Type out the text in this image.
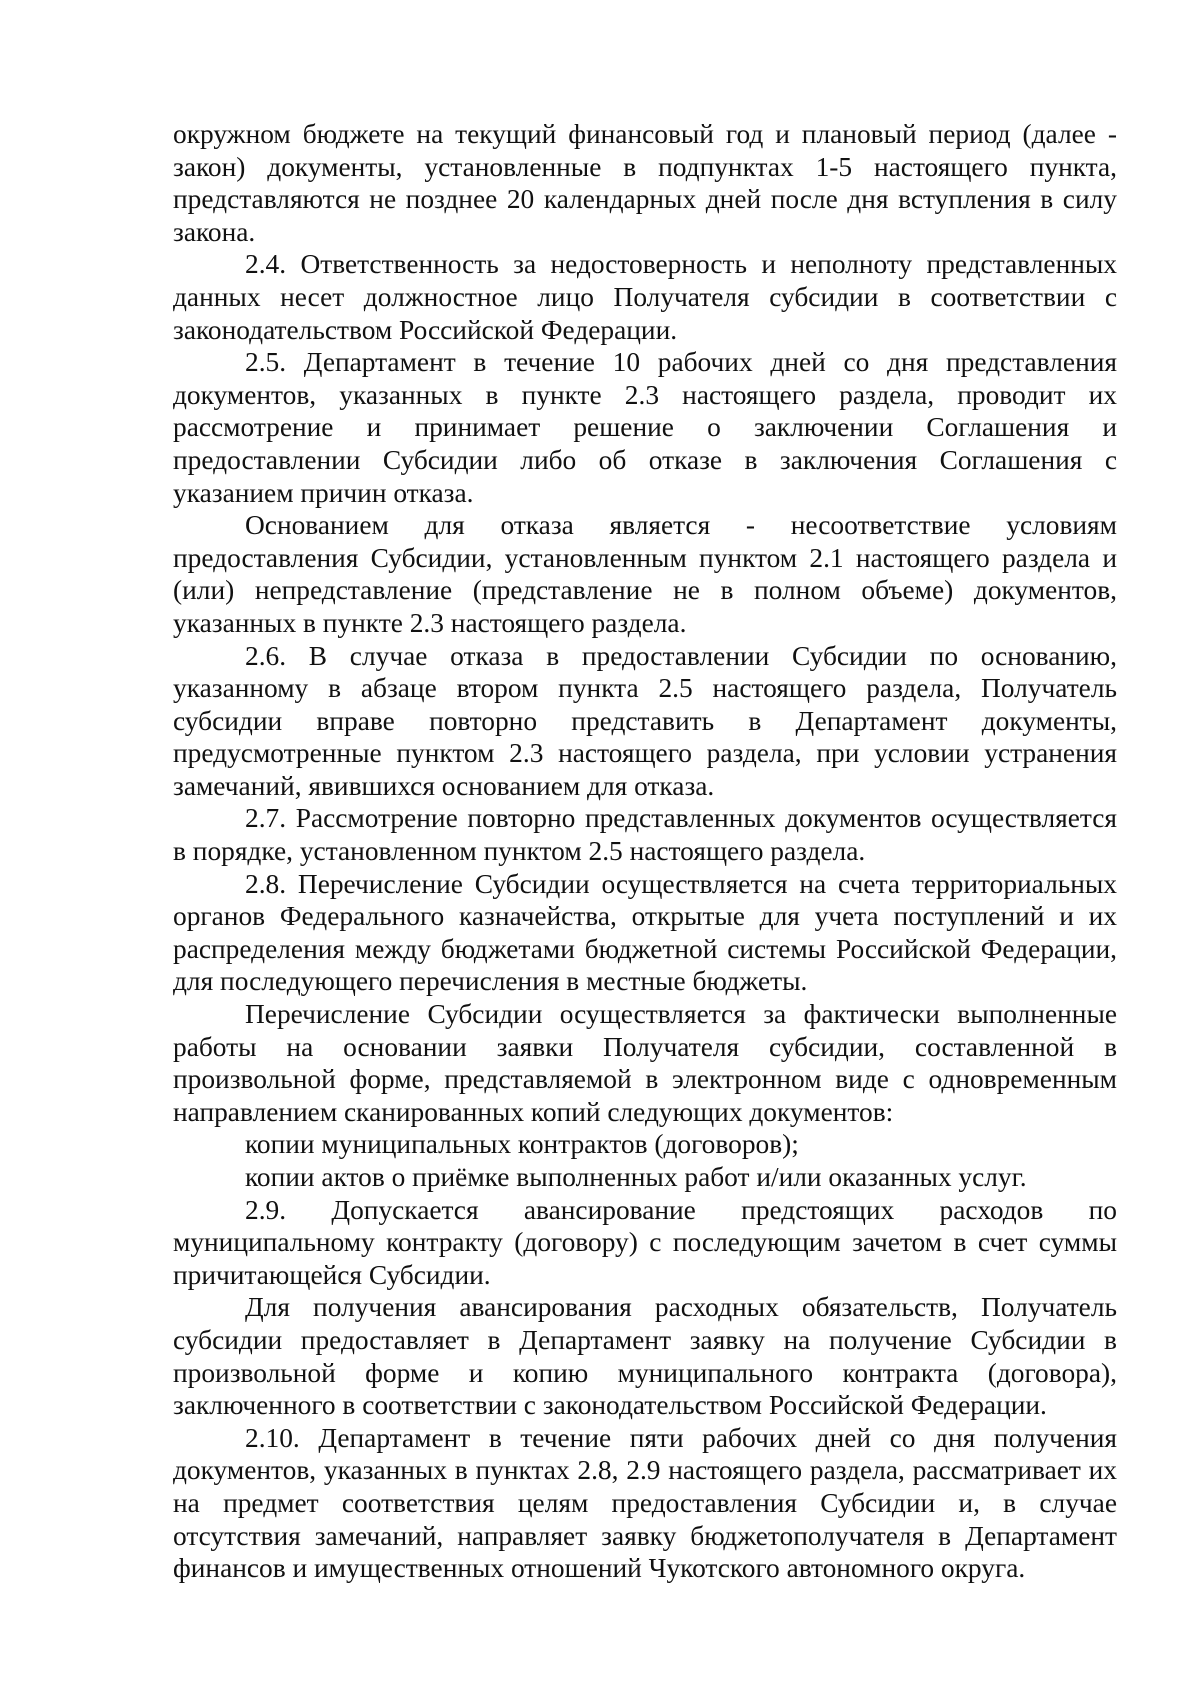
окружном бюджете на текущий финансовый год и плановый период (далее - закон) документы, установленные в подпунктах 1-5 настоящего пункта, представляются не позднее 20 календарных дней после дня вступления в силу закона.

2.4. Ответственность за недостоверность и неполноту представленных данных несет должностное лицо Получателя субсидии в соответствии с законодательством Российской Федерации.

2.5. Департамент в течение 10 рабочих дней со дня представления документов, указанных в пункте 2.3 настоящего раздела, проводит их рассмотрение и принимает решение о заключении Соглашения и предоставлении Субсидии либо об отказе в заключения Соглашения с указанием причин отказа.

Основанием для отказа является - несоответствие условиям предоставления Субсидии, установленным пунктом 2.1 настоящего раздела и (или) непредставление (представление не в полном объеме) документов, указанных в пункте 2.3 настоящего раздела.

2.6. В случае отказа в предоставлении Субсидии по основанию, указанному в абзаце втором пункта 2.5 настоящего раздела, Получатель субсидии вправе повторно представить в Департамент документы, предусмотренные пунктом 2.3 настоящего раздела, при условии устранения замечаний, явившихся основанием для отказа.

2.7. Рассмотрение повторно представленных документов осуществляется в порядке, установленном пунктом 2.5 настоящего раздела.

2.8. Перечисление Субсидии осуществляется на счета территориальных органов Федерального казначейства, открытые для учета поступлений и их распределения между бюджетами бюджетной системы Российской Федерации, для последующего перечисления в местные бюджеты.

Перечисление Субсидии осуществляется за фактически выполненные работы на основании заявки Получателя субсидии, составленной в произвольной форме, представляемой в электронном виде с одновременным направлением сканированных копий следующих документов:

копии муниципальных контрактов (договоров);

копии актов о приёмке выполненных работ и/или оказанных услуг.

2.9. Допускается авансирование предстоящих расходов по муниципальному контракту (договору) с последующим зачетом в счет суммы причитающейся Субсидии.

Для получения авансирования расходных обязательств, Получатель субсидии предоставляет в Департамент заявку на получение Субсидии в произвольной форме и копию муниципального контракта (договора), заключенного в соответствии с законодательством Российской Федерации.

2.10. Департамент в течение пяти рабочих дней со дня получения документов, указанных в пунктах 2.8, 2.9 настоящего раздела, рассматривает их на предмет соответствия целям предоставления Субсидии и, в случае отсутствия замечаний, направляет заявку бюджетополучателя в Департамент финансов и имущественных отношений Чукотского автономного округа.
